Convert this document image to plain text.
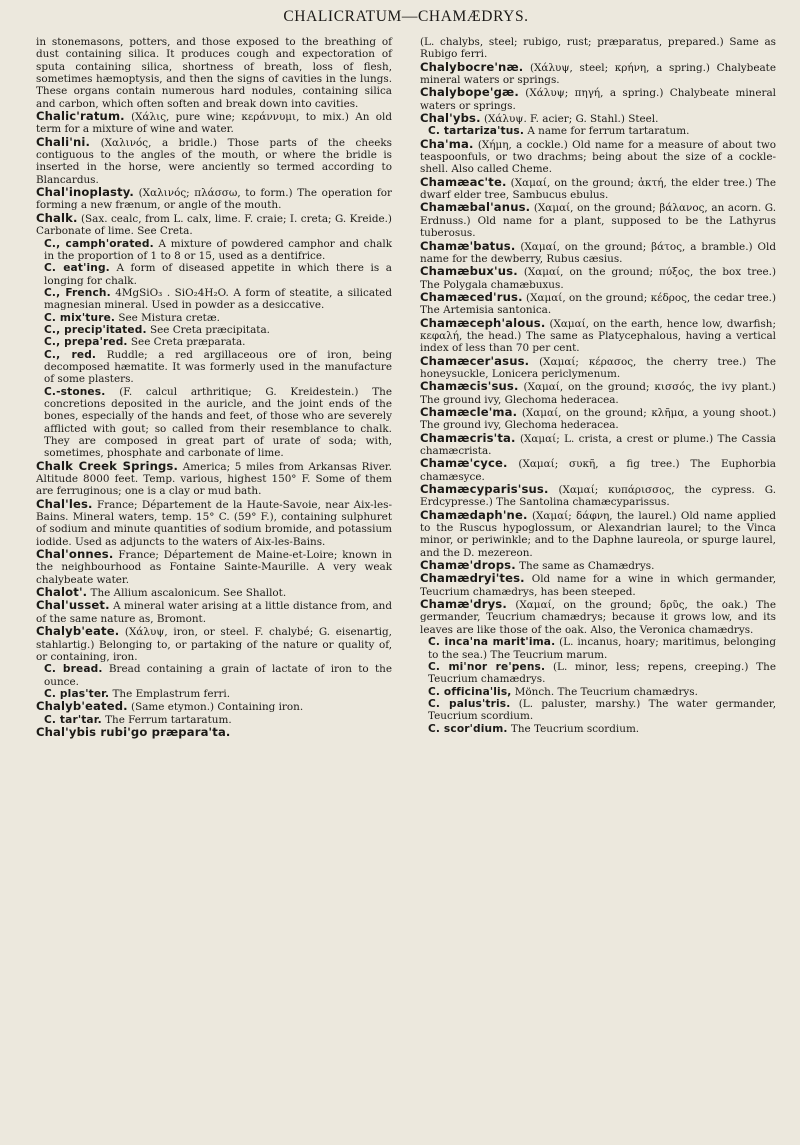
CHALICRATUM—CHAMÆDRYS.

in stonemasons, potters, and those exposed to the breathing of dust containing silica. It produces cough and expectoration of sputa containing silica, shortness of breath, loss of flesh, sometimes hæmoptysis, and then the signs of cavities in the lungs. These organs contain numerous hard nodules, containing silica and carbon, which often soften and break down into cavities.

Chalic'ratum. (Χάλις, pure wine; κεράννυμι, to mix.) An old term for a mixture of wine and water.

Chali'ni. (Χαλινός, a bridle.) Those parts of the cheeks contiguous to the angles of the mouth, or where the bridle is inserted in the horse, were anciently so termed according to Blancardus.

Chal'inoplasty. (Χαλινός; πλάσσω, to form.) The operation for forming a new frænum, or angle of the mouth.

Chalk. (Sax. cealc, from L. calx, lime. F. craie; I. creta; G. Kreide.) Carbonate of lime. See Creta.

C., camph'orated. A mixture of powdered camphor and chalk in the proportion of 1 to 8 or 15, used as a dentifrice.

C. eat'ing. A form of diseased appetite in which there is a longing for chalk.

C., French. 4MgSiO₃ . SiO₂4H₂O. A form of steatite, a silicated magnesian mineral. Used in powder as a desiccative.

C. mix'ture. See Mistura cretæ.

C., precip'itated. See Creta præcipitata.

C., prepa'red. See Creta præparata.

C., red. Ruddle; a red argillaceous ore of iron, being decomposed hæmatite. It was formerly used in the manufacture of some plasters.

C.-stones. (F. calcul arthritique; G. Kreidestein.) The concretions deposited in the auricle, and the joint ends of the bones, especially of the hands and feet, of those who are severely afflicted with gout; so called from their resemblance to chalk. They are composed in great part of urate of soda; with, sometimes, phosphate and carbonate of lime.

Chalk Creek Springs. America; 5 miles from Arkansas River. Altitude 8000 feet. Temp. various, highest 150° F. Some of them are ferruginous; one is a clay or mud bath.

Chal'les. France; Département de la Haute-Savoie, near Aix-les-Bains. Mineral waters, temp. 15° C. (59° F.), containing sulphuret of sodium and minute quantities of sodium bromide, and potassium iodide. Used as adjuncts to the waters of Aix-les-Bains.

Chal'onnes. France; Département de Maine-et-Loire; known in the neighbourhood as Fontaine Sainte-Maurille. A very weak chalybeate water.

Chalot'. The Allium ascalonicum. See Shallot.

Chal'usset. A mineral water arising at a little distance from, and of the same nature as, Bromont.

Chalyb'eate. (Χάλυψ, iron, or steel. F. chalybé; G. eisenartig, stahlartig.) Belonging to, or partaking of the nature or quality of, or containing, iron.

C. bread. Bread containing a grain of lactate of iron to the ounce.

C. plas'ter. The Emplastrum ferri.

Chalyb'eated. (Same etymon.) Containing iron.

C. tar'tar. The Ferrum tartaratum.

Chal'ybis rubi'go præpara'ta.

(L. chalybs, steel; rubigo, rust; præparatus, prepared.) Same as Rubigo ferri.

Chalybocre'næ. (Χάλυψ, steel; κρήνη, a spring.) Chalybeate mineral waters or springs.

Chalybope'gæ. (Χάλυψ; πηγή, a spring.) Chalybeate mineral waters or springs.

Chal'ybs. (Χάλυψ. F. acier; G. Stahl.) Steel.

C. tartariza'tus. A name for ferrum tartaratum.

Cha'ma. (Χήμη, a cockle.) Old name for a measure of about two teaspoonfuls, or two drachms; being about the size of a cockle-shell. Also called Cheme.

Chamæac'te. (Χαμαί, on the ground; ἀκτή, the elder tree.) The dwarf elder tree, Sambucus ebulus.

Chamæbal'anus. (Χαμαί, on the ground; βάλανος, an acorn. G. Erdnuss.) Old name for a plant, supposed to be the Lathyrus tuberosus.

Chamæ'batus. (Χαμαί, on the ground; βάτος, a bramble.) Old name for the dewberry, Rubus cæsius.

Chamæbux'us. (Χαμαί, on the ground; πύξος, the box tree.) The Polygala chamæbuxus.

Chamæced'rus. (Χαμαί, on the ground; κέδρος, the cedar tree.) The Artemisia santonica.

Chamæceph'alous. (Χαμαί, on the earth, hence low, dwarfish; κεφαλή, the head.) The same as Platycephalous, having a vertical index of less than 70 per cent.

Chamæcer'asus. (Χαμαί; κέρασος, the cherry tree.) The honeysuckle, Lonicera periclymenum.

Chamæcis'sus. (Χαμαί, on the ground; κισσός, the ivy plant.) The ground ivy, Glechoma hederacea.

Chamæcle'ma. (Χαμαί, on the ground; κλῆμα, a young shoot.) The ground ivy, Glechoma hederacea.

Chamæcris'ta. (Χαμαί; L. crista, a crest or plume.) The Cassia chamæcrista.

Chamæ'cyce. (Χαμαί; συκῆ, a fig tree.) The Euphorbia chamæsyce.

Chamæcyparis'sus. (Χαμαί; κυπάρισσος, the cypress. G. Erdcypresse.) The Santolina chamæcyparissus.

Chamædaph'ne. (Χαμαί; δάφνη, the laurel.) Old name applied to the Ruscus hypoglossum, or Alexandrian laurel; to the Vinca minor, or periwinkle; and to the Daphne laureola, or spurge laurel, and the D. mezereon.

Chamæ'drops. The same as Chamædrys.

Chamædryi'tes. Old name for a wine in which germander, Teucrium chamædrys, has been steeped.

Chamæ'drys. (Χαμαί, on the ground; δρῦς, the oak.) The germander, Teucrium chamædrys; because it grows low, and its leaves are like those of the oak. Also, the Veronica chamædrys.

C. inca'na marit'ima. (L. incanus, hoary; maritimus, belonging to the sea.) The Teucrium marum.

C. mi'nor re'pens. (L. minor, less; repens, creeping.) The Teucrium chamædrys.

C. officina'lis, Mönch. The Teucrium chamædrys.

C. palus'tris. (L. paluster, marshy.) The water germander, Teucrium scordium.

C. scor'dium. The Teucrium scordium.
